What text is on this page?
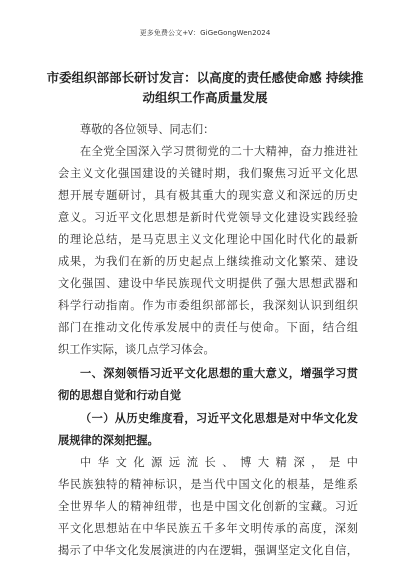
更多免费公文+V：GiGeGongWen2024
市委组织部部长研讨发言：以高度的责任感使命感 持续推
动组织工作高质量发展
尊敬的各位领导、同志们：
在全党全国深入学习贯彻党的二十大精神，奋力推进社
会主义文化强国建设的关键时期，我们聚焦习近平文化思
想开展专题研讨，具有极其重大的现实意义和深远的历史
意义。习近平文化思想是新时代党领导文化建设实践经验
的理论总结，是马克思主义文化理论中国化时代化的最新
成果，为我们在新的历史起点上继续推动文化繁荣、建设
文化强国、建设中华民族现代文明提供了强大思想武器和
科学行动指南。作为市委组织部部长，我深刻认识到组织
部门在推动文化传承发展中的责任与使命。下面，结合组
织工作实际，谈几点学习体会。
一、深刻领悟习近平文化思想的重大意义，增强学习贯
彻的思想自觉和行动自觉
（一）从历史维度看，习近平文化思想是对中华文化发
展规律的深刻把握。
中华文化源远流长、博大精深，是中
华民族独特的精神标识，是当代中国文化的根基，是维系
全世界华人的精神纽带，也是中国文化创新的宝藏。习近
平文化思想站在中华民族五千多年文明传承的高度，深刻
揭示了中华文化发展演进的内在逻辑，强调坚定文化自信，
